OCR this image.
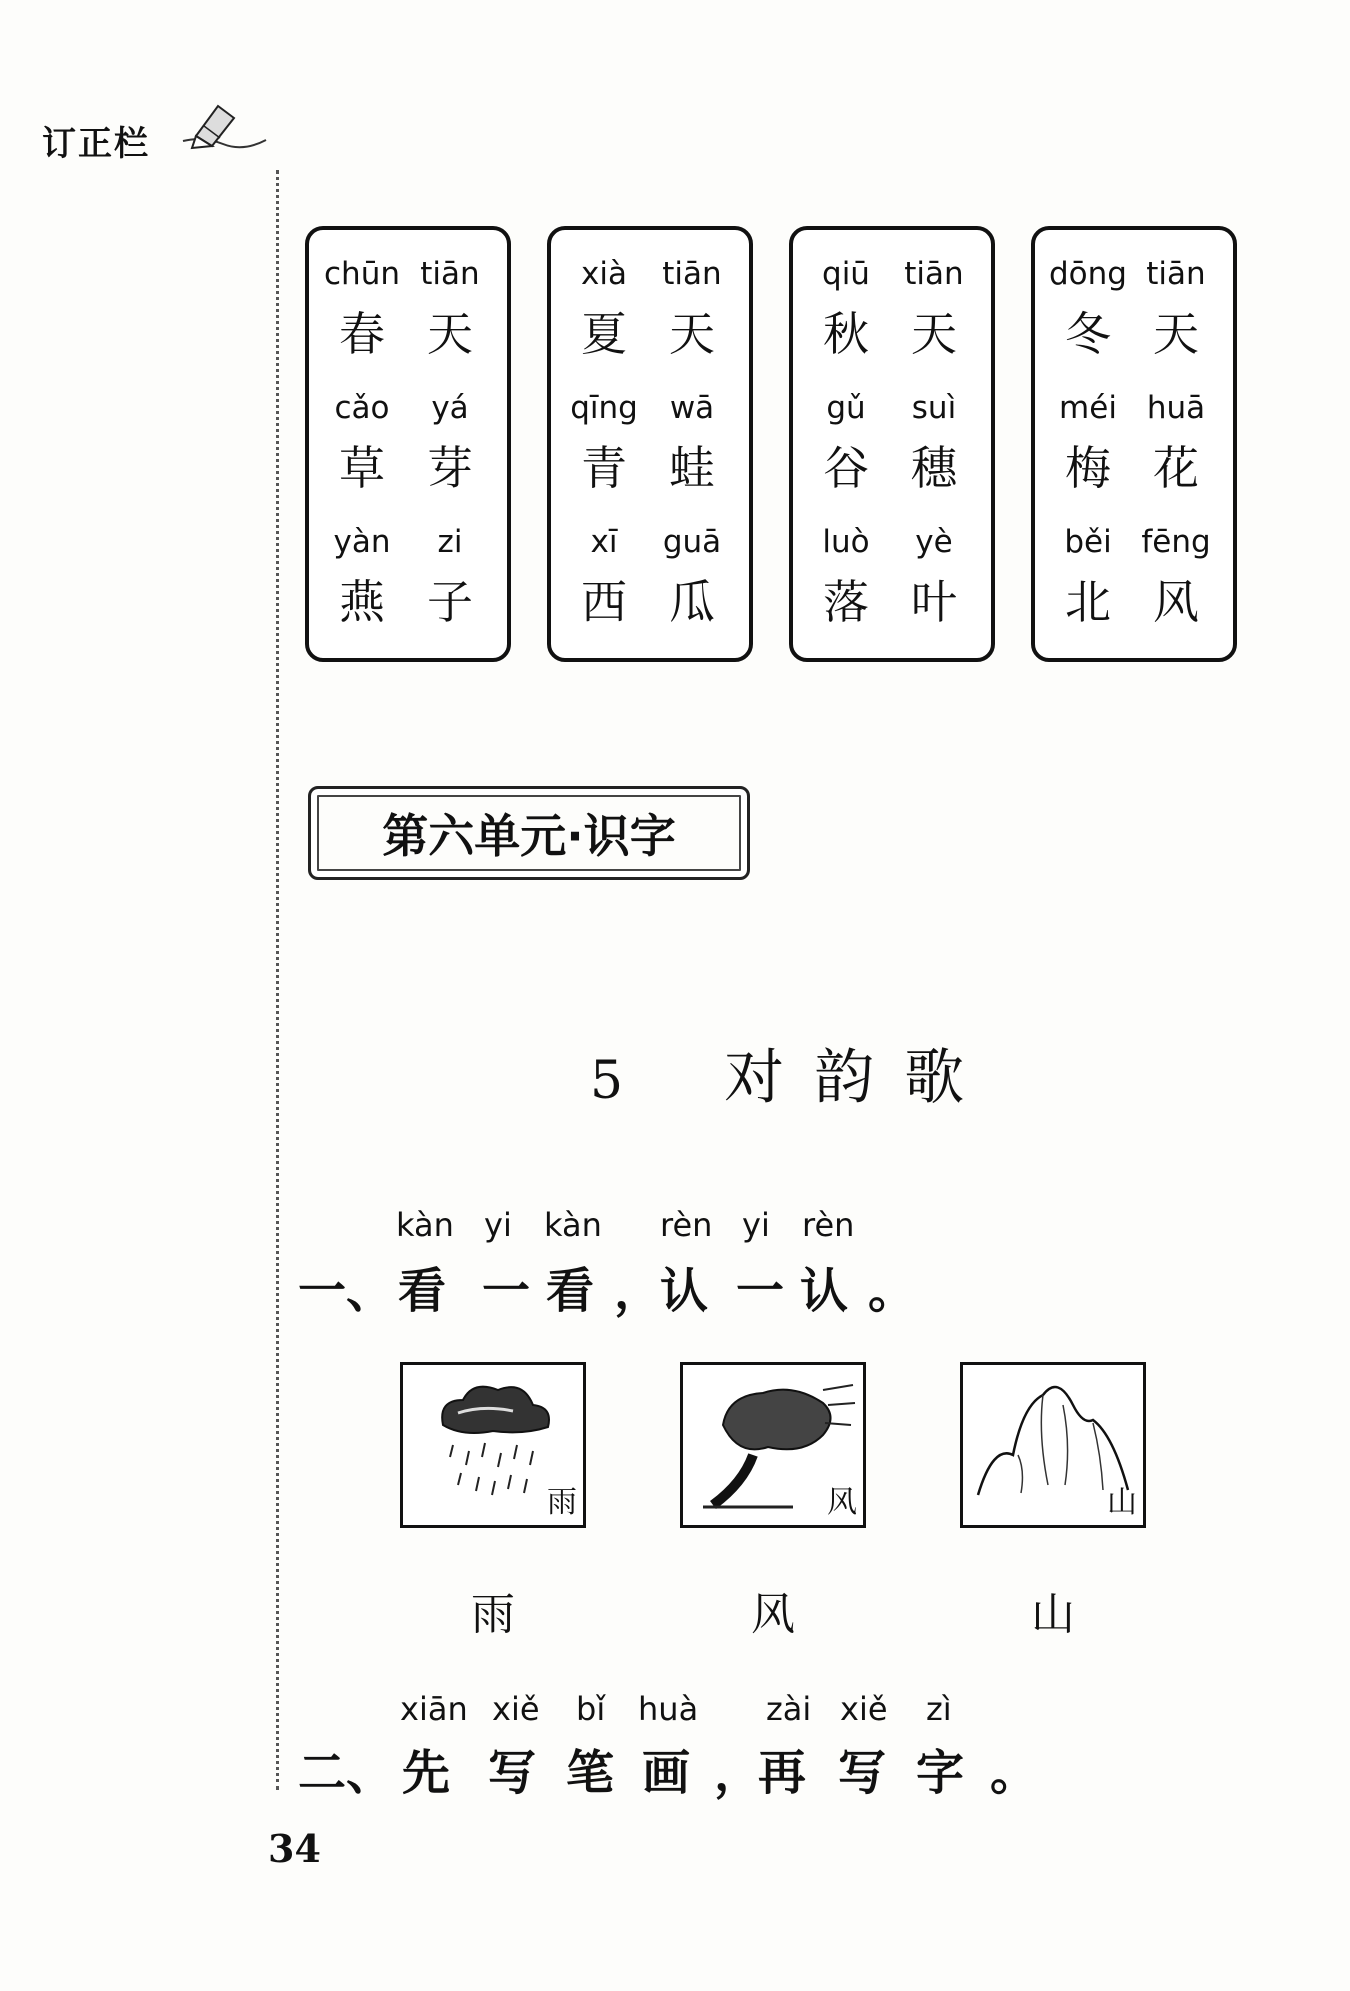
订正栏
chūn tiān
春 天
cǎo	yá
草 芽
yàn	zi
燕 子
xià	tiān
夏 天
qīng	wā
青 蛙
xī	guā
西 瓜
qiū	tiān
秋 天
gǔ	suì
谷 穗
luò	yè
落 叶
dōng tiān
冬 天
méi huā
梅 花
běi fēng
北 风
第六单元·识字
5 对韵歌
kàn yi kàn rèn yi rèn
一、 看 一 看 ，
认 一 认 。
雨	风	山
雨	风	山
xiān xiě bǐ huà zài xiě zì
二、 先 写 笔 画 ，
再 写 字 。
34
